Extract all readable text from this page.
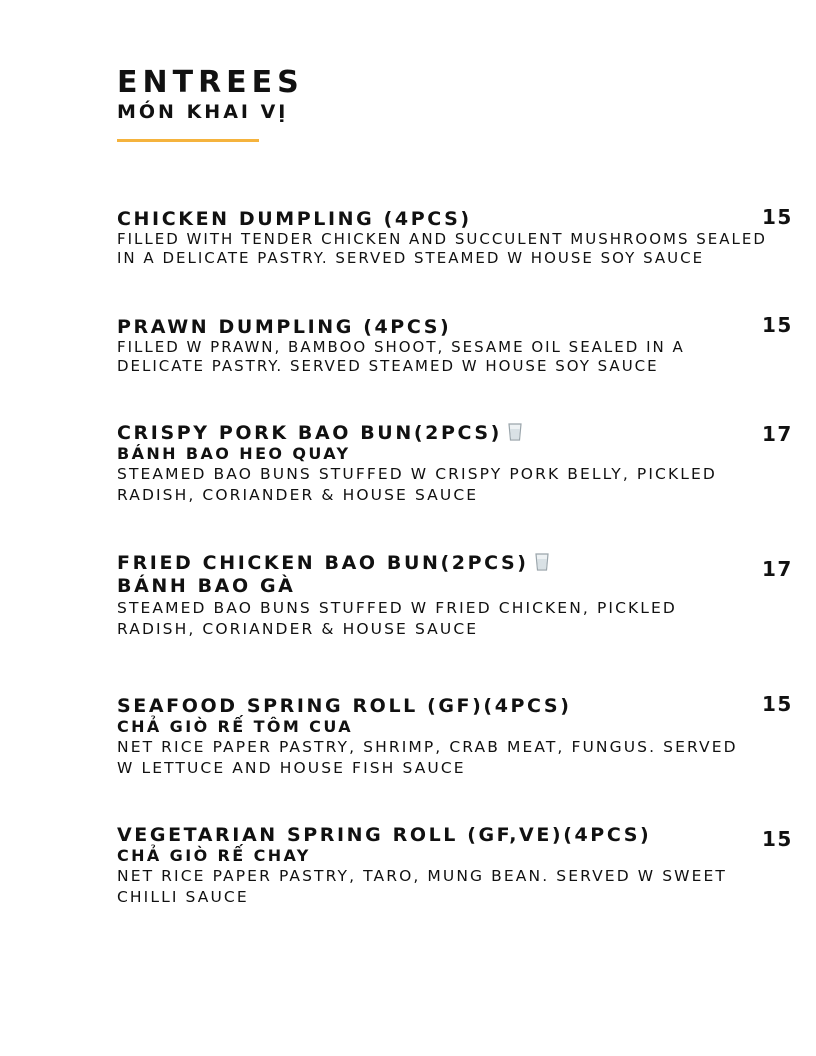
ENTREES
MÓN KHAI VỊ
CHICKEN DUMPLING (4PCS)
FILLED WITH TENDER CHICKEN AND SUCCULENT MUSHROOMS SEALED IN A DELICATE PASTRY. SERVED STEAMED W HOUSE SOY SAUCE
15
PRAWN DUMPLING (4PCS)
FILLED W PRAWN, BAMBOO SHOOT, SESAME OIL SEALED IN A DELICATE PASTRY. SERVED STEAMED W HOUSE SOY SAUCE
15
CRISPY PORK BAO BUN(2PCS)
BÁNH BAO HEO QUAY
STEAMED BAO BUNS STUFFED W CRISPY PORK BELLY, PICKLED RADISH, CORIANDER & HOUSE SAUCE
17
FRIED CHICKEN BAO BUN(2PCS)
BÁNH BAO GÀ
STEAMED BAO BUNS STUFFED W FRIED CHICKEN, PICKLED RADISH, CORIANDER & HOUSE SAUCE
17
SEAFOOD SPRING ROLL (GF)(4PCS)
CHẢ GIÒ RẾ TÔM CUA
NET RICE PAPER PASTRY, SHRIMP, CRAB MEAT, FUNGUS. SERVED W LETTUCE AND HOUSE FISH SAUCE
15
VEGETARIAN SPRING ROLL (GF,VE)(4PCS)
CHẢ GIÒ RẾ CHAY
NET RICE PAPER PASTRY, TARO, MUNG BEAN. SERVED W SWEET CHILLI SAUCE
15
